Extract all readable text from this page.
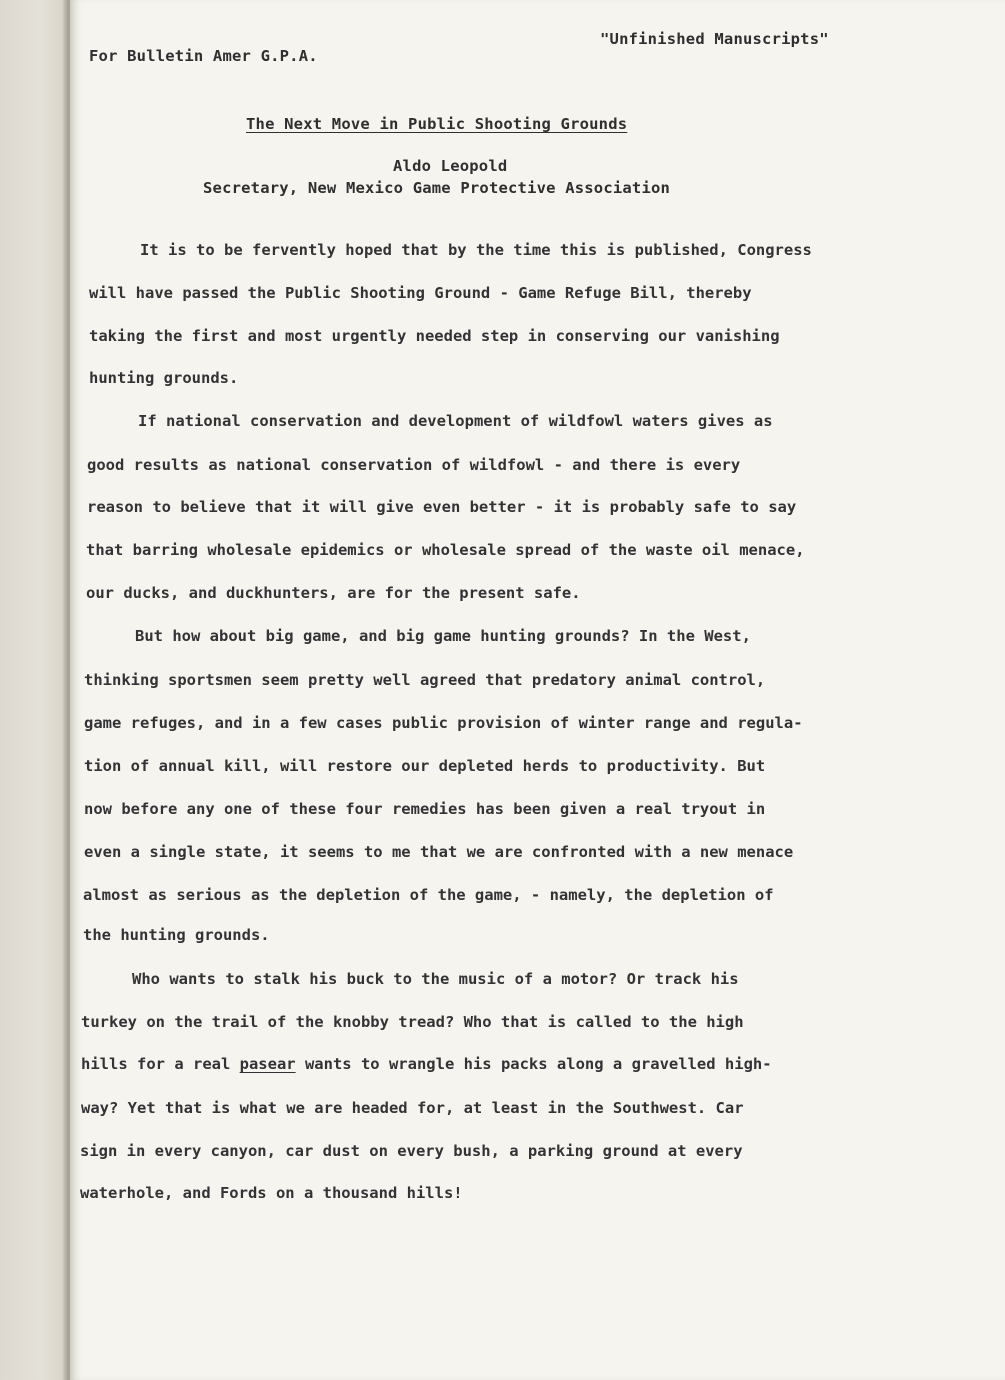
For Bulletin Amer G.P.A.
"Unfinished Manuscripts"
The Next Move in Public Shooting Grounds
Aldo Leopold
Secretary, New Mexico Game Protective Association
It is to be fervently hoped that by the time this is published, Congress
will have passed the Public Shooting Ground - Game Refuge Bill, thereby
taking the first and most urgently needed step in conserving our vanishing
hunting grounds.
If national conservation and development of wildfowl waters gives as
good results as national conservation of wildfowl - and there is every
reason to believe that it will give even better - it is probably safe to say
that barring wholesale epidemics or wholesale spread of the waste oil menace,
our ducks, and duckhunters, are for the present safe.
But how about big game, and big game hunting grounds? In the West,
thinking sportsmen seem pretty well agreed that predatory animal control,
game refuges, and in a few cases public provision of winter range and regula-
tion of annual kill, will restore our depleted herds to productivity. But
now before any one of these four remedies has been given a real tryout in
even a single state, it seems to me that we are confronted with a new menace
almost as serious as the depletion of the game, - namely, the depletion of
the hunting grounds.
Who wants to stalk his buck to the music of a motor? Or track his
turkey on the trail of the knobby tread? Who that is called to the high
hills for a real pasear wants to wrangle his packs along a gravelled high-
way? Yet that is what we are headed for, at least in the Southwest. Car
sign in every canyon, car dust on every bush, a parking ground at every
waterhole, and Fords on a thousand hills!
